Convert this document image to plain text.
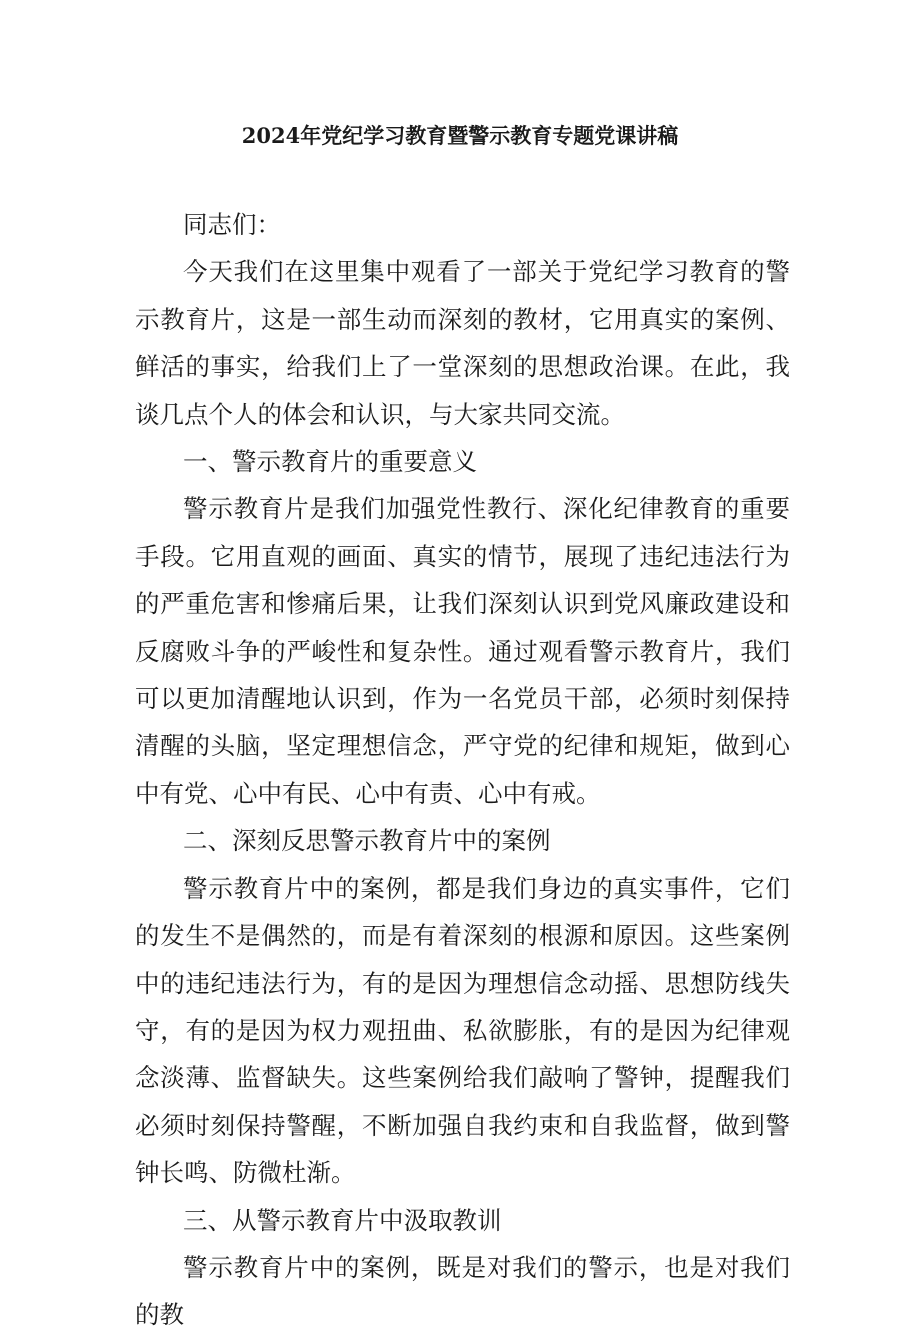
2024年党纪学习教育暨警示教育专题党课讲稿

同志们：

今天我们在这里集中观看了一部关于党纪学习教育的警示教育片，这是一部生动而深刻的教材，它用真实的案例、鲜活的事实，给我们上了一堂深刻的思想政治课。在此，我谈几点个人的体会和认识，与大家共同交流。

一、警示教育片的重要意义

警示教育片是我们加强党性教行、深化纪律教育的重要手段。它用直观的画面、真实的情节，展现了违纪违法行为的严重危害和惨痛后果，让我们深刻认识到党风廉政建设和反腐败斗争的严峻性和复杂性。通过观看警示教育片，我们可以更加清醒地认识到，作为一名党员干部，必须时刻保持清醒的头脑，坚定理想信念，严守党的纪律和规矩，做到心中有党、心中有民、心中有责、心中有戒。

二、深刻反思警示教育片中的案例

警示教育片中的案例，都是我们身边的真实事件，它们的发生不是偶然的，而是有着深刻的根源和原因。这些案例中的违纪违法行为，有的是因为理想信念动摇、思想防线失守，有的是因为权力观扭曲、私欲膨胀，有的是因为纪律观念淡薄、监督缺失。这些案例给我们敲响了警钟，提醒我们必须时刻保持警醒，不断加强自我约束和自我监督，做到警钟长鸣、防微杜渐。

三、从警示教育片中汲取教训

警示教育片中的案例，既是对我们的警示，也是对我们的教
